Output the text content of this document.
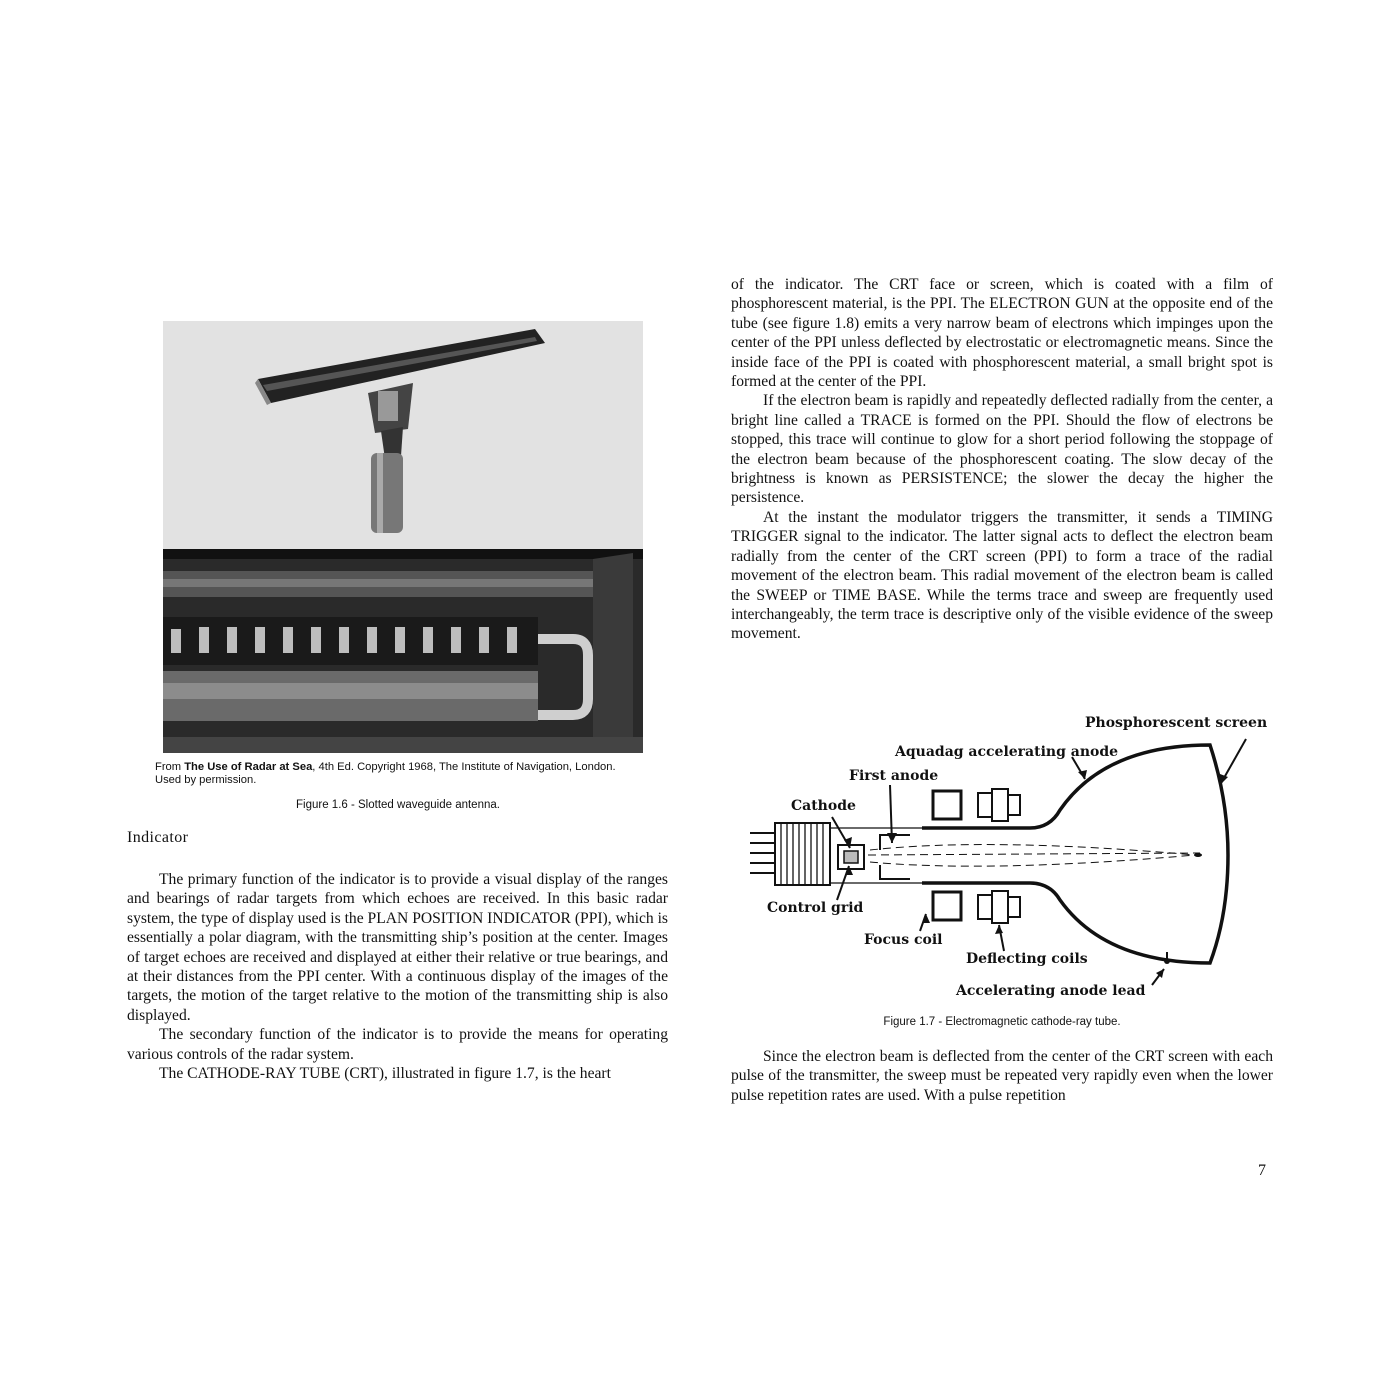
From The Use of Radar at Sea, 4th Ed. Copyright 1968, The Institute of Navigation, London.
Used by permission.
Figure 1.6 - Slotted waveguide antenna.
Indicator

The primary function of the indicator is to provide a visual display of the ranges and bearings of radar targets from which echoes are received. In this basic radar system, the type of display used is the PLAN POSITION INDICATOR (PPI), which is essentially a polar diagram, with the transmitting ship’s position at the center. Images of target echoes are received and displayed at either their relative or true bearings, and at their distances from the PPI center. With a continuous display of the images of the targets, the motion of the target relative to the motion of the transmitting ship is also displayed.

The secondary function of the indicator is to provide the means for operating various controls of the radar system.

The CATHODE-RAY TUBE (CRT), illustrated in figure 1.7, is the heart

of the indicator. The CRT face or screen, which is coated with a film of phosphorescent material, is the PPI. The ELECTRON GUN at the opposite end of the tube (see figure 1.8) emits a very narrow beam of electrons which impinges upon the center of the PPI unless deflected by electrostatic or electromagnetic means. Since the inside face of the PPI is coated with phosphorescent material, a small bright spot is formed at the center of the PPI.

If the electron beam is rapidly and repeatedly deflected radially from the center, a bright line called a TRACE is formed on the PPI. Should the flow of electrons be stopped, this trace will continue to glow for a short period following the stoppage of the electron beam because of the phosphorescent coating. The slow decay of the brightness is known as PERSISTENCE; the slower the decay the higher the persistence.

At the instant the modulator triggers the transmitter, it sends a TIMING TRIGGER signal to the indicator. The latter signal acts to deflect the electron beam radially from the center of the CRT screen (PPI) to form a trace of the radial movement of the electron beam. This radial movement of the electron beam is called the SWEEP or TIME BASE. While the terms trace and sweep are frequently used interchangeably, the term trace is descriptive only of the visible evidence of the sweep movement.

Phosphorescent screen
Aquadag accelerating anode
First anode
Cathode
Control grid
Focus coil
Deflecting coils
Accelerating anode lead
Figure 1.7 - Electromagnetic cathode-ray tube.

Since the electron beam is deflected from the center of the CRT screen with each pulse of the transmitter, the sweep must be repeated very rapidly even when the lower pulse repetition rates are used. With a pulse repetition

7
